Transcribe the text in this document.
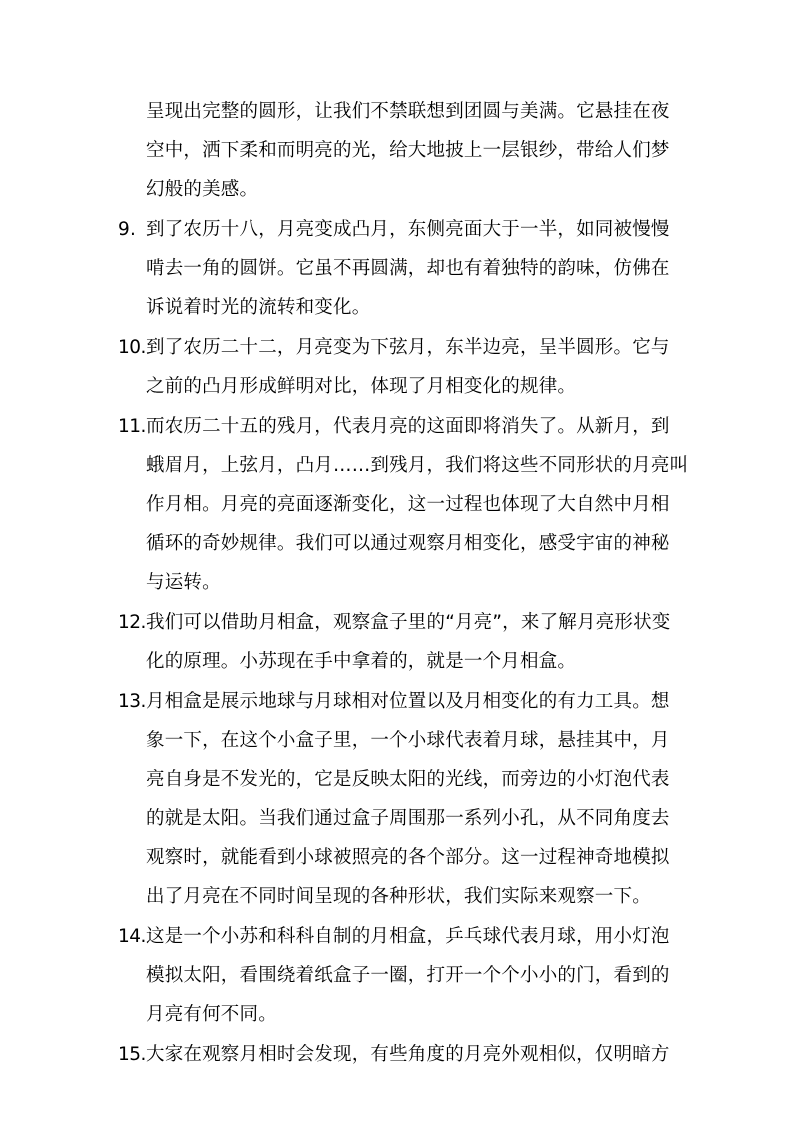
呈现出完整的圆形，让我们不禁联想到团圆与美满。它悬挂在夜
空中，洒下柔和而明亮的光，给大地披上一层银纱，带给人们梦
幻般的美感。
9. 到了农历十八，月亮变成凸月，东侧亮面大于一半，如同被慢慢
啃去一角的圆饼。它虽不再圆满，却也有着独特的韵味，仿佛在
诉说着时光的流转和变化。
10.到了农历二十二，月亮变为下弦月，东半边亮，呈半圆形。它与
之前的凸月形成鲜明对比，体现了月相变化的规律。
11.而农历二十五的残月，代表月亮的这面即将消失了。从新月，到
蛾眉月，上弦月，凸月……到残月，我们将这些不同形状的月亮叫
作月相。月亮的亮面逐渐变化，这一过程也体现了大自然中月相
循环的奇妙规律。我们可以通过观察月相变化，感受宇宙的神秘
与运转。
12.我们可以借助月相盒，观察盒子里的“月亮”，来了解月亮形状变
化的原理。小苏现在手中拿着的，就是一个月相盒。
13.月相盒是展示地球与月球相对位置以及月相变化的有力工具。想
象一下，在这个小盒子里，一个小球代表着月球，悬挂其中，月
亮自身是不发光的，它是反映太阳的光线，而旁边的小灯泡代表
的就是太阳。当我们通过盒子周围那一系列小孔，从不同角度去
观察时，就能看到小球被照亮的各个部分。这一过程神奇地模拟
出了月亮在不同时间呈现的各种形状，我们实际来观察一下。
14.这是一个小苏和科科自制的月相盒，乒乓球代表月球，用小灯泡
模拟太阳，看围绕着纸盒子一圈，打开一个个小小的门，看到的
月亮有何不同。
15.大家在观察月相时会发现，有些角度的月亮外观相似，仅明暗方
